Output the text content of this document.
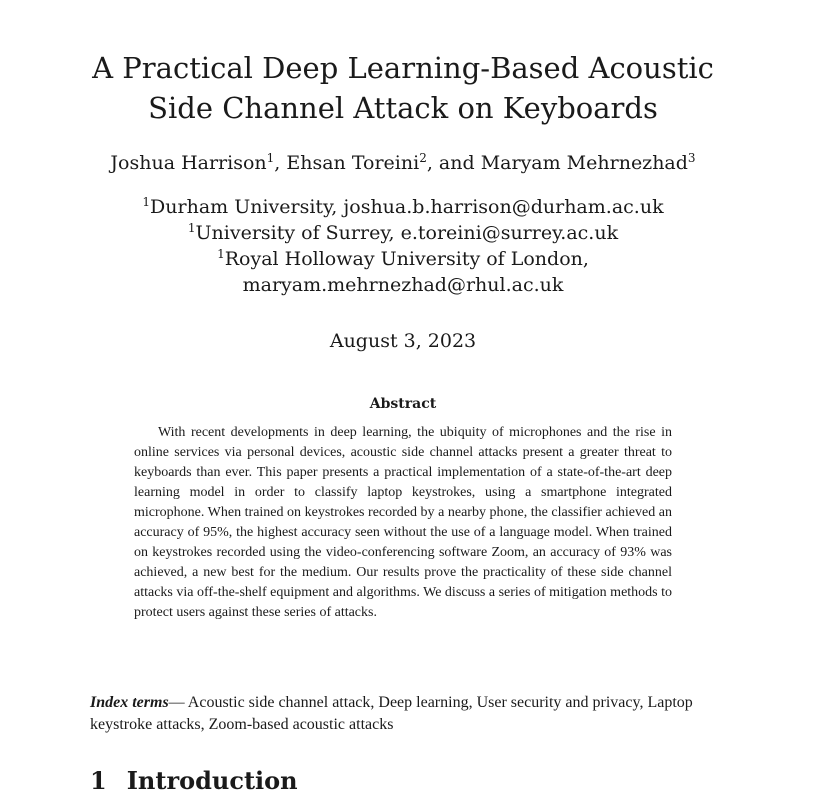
A Practical Deep Learning-Based Acoustic Side Channel Attack on Keyboards
Joshua Harrison$^1$, Ehsan Toreini$^2$, and Maryam Mehrnezhad$^3$
$^1$Durham University, joshua.b.harrison@durham.ac.uk
$^1$University of Surrey, e.toreini@surrey.ac.uk
$^1$Royal Holloway University of London,
maryam.mehrnezhad@rhul.ac.uk
August 3, 2023
Abstract

With recent developments in deep learning, the ubiquity of microphones and the rise in online services via personal devices, acoustic side channel attacks present a greater threat to keyboards than ever. This paper presents a practical implementation of a state-of-the-art deep learning model in order to classify laptop keystrokes, using a smartphone integrated microphone. When trained on keystrokes recorded by a nearby phone, the classifier achieved an accuracy of 95%, the highest accuracy seen without the use of a language model. When trained on keystrokes recorded using the video-conferencing software Zoom, an accuracy of 93% was achieved, a new best for the medium. Our results prove the practicality of these side channel attacks via off-the-shelf equipment and algorithms. We discuss a series of mitigation methods to protect users against these series of attacks.

Index terms— Acoustic side channel attack, Deep learning, User security and privacy, Laptop keystroke attacks, Zoom-based acoustic attacks

1 Introduction
